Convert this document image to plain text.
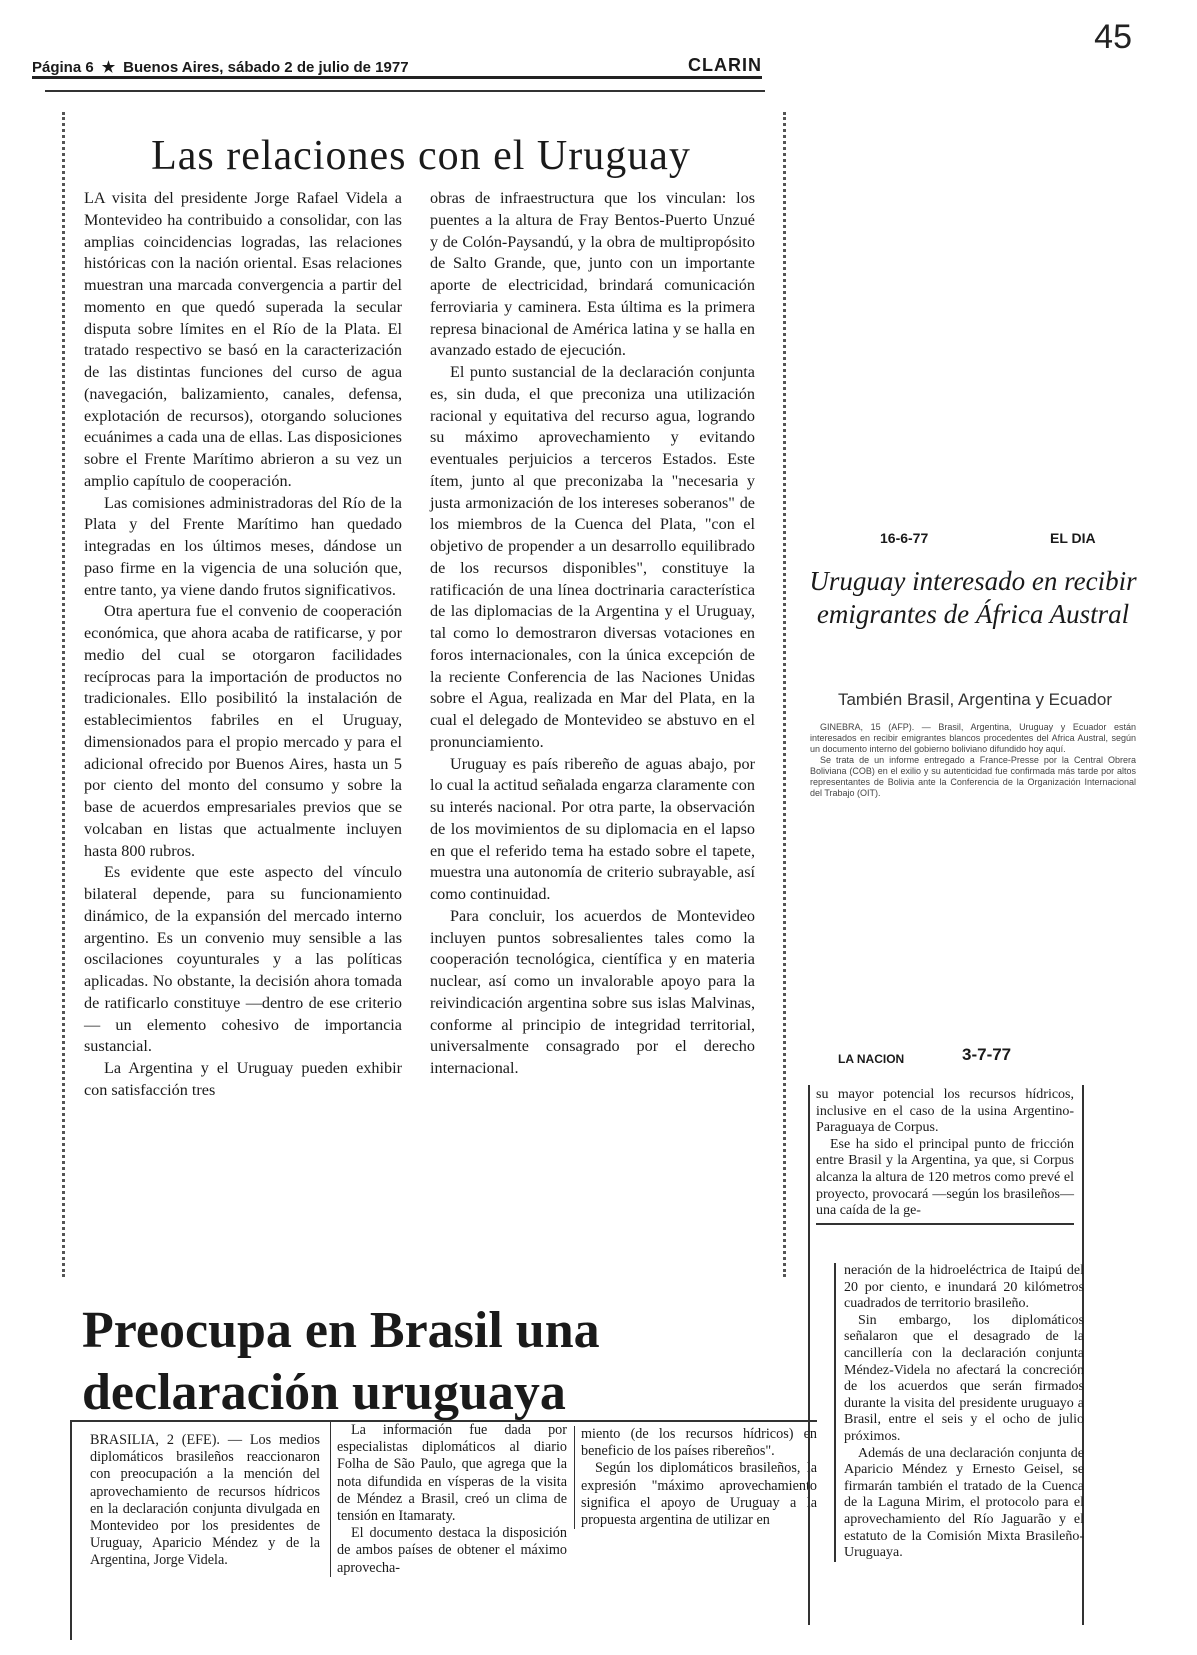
45
Página 6 ★ Buenos Aires, sábado 2 de julio de 1977	CLARIN
Las relaciones con el Uruguay

LA visita del presidente Jorge Rafael Videla a Montevideo ha contribuido a consolidar, con las amplias coincidencias logradas, las relaciones históricas con la nación oriental. Esas relaciones muestran una marcada convergencia a partir del momento en que quedó superada la secular disputa sobre límites en el Río de la Plata. El tratado respectivo se basó en la caracterización de las distintas funciones del curso de agua (navegación, balizamiento, canales, defensa, explotación de recursos), otorgando soluciones ecuánimes a cada una de ellas. Las disposiciones sobre el Frente Marítimo abrieron a su vez un amplio capítulo de cooperación.

Las comisiones administradoras del Río de la Plata y del Frente Marítimo han quedado integradas en los últimos meses, dándose un paso firme en la vigencia de una solución que, entre tanto, ya viene dando frutos significativos.

Otra apertura fue el convenio de cooperación económica, que ahora acaba de ratificarse, y por medio del cual se otorgaron facilidades recíprocas para la importación de productos no tradicionales. Ello posibilitó la instalación de establecimientos fabriles en el Uruguay, dimensionados para el propio mercado y para el adicional ofrecido por Buenos Aires, hasta un 5 por ciento del monto del consumo y sobre la base de acuerdos empresariales previos que se volcaban en listas que actualmente incluyen hasta 800 rubros.

Es evidente que este aspecto del vínculo bilateral depende, para su funcionamiento dinámico, de la expansión del mercado interno argentino. Es un convenio muy sensible a las oscilaciones coyunturales y a las políticas aplicadas. No obstante, la decisión ahora tomada de ratificarlo constituye —dentro de ese criterio— un elemento cohesivo de importancia sustancial.

La Argentina y el Uruguay pueden exhibir con satisfacción tres

obras de infraestructura que los vinculan: los puentes a la altura de Fray Bentos-Puerto Unzué y de Colón-Paysandú, y la obra de multipropósito de Salto Grande, que, junto con un importante aporte de electricidad, brindará comunicación ferroviaria y caminera. Esta última es la primera represa binacional de América latina y se halla en avanzado estado de ejecución.

El punto sustancial de la declaración conjunta es, sin duda, el que preconiza una utilización racional y equitativa del recurso agua, logrando su máximo aprovechamiento y evitando eventuales perjuicios a terceros Estados. Este ítem, junto al que preconizaba la "necesaria y justa armonización de los intereses soberanos" de los miembros de la Cuenca del Plata, "con el objetivo de propender a un desarrollo equilibrado de los recursos disponibles", constituye la ratificación de una línea doctrinaria característica de las diplomacias de la Argentina y el Uruguay, tal como lo demostraron diversas votaciones en foros internacionales, con la única excepción de la reciente Conferencia de las Naciones Unidas sobre el Agua, realizada en Mar del Plata, en la cual el delegado de Montevideo se abstuvo en el pronunciamiento.

Uruguay es país ribereño de aguas abajo, por lo cual la actitud señalada engarza claramente con su interés nacional. Por otra parte, la observación de los movimientos de su diplomacia en el lapso en que el referido tema ha estado sobre el tapete, muestra una autonomía de criterio subrayable, así como continuidad.

Para concluir, los acuerdos de Montevideo incluyen puntos sobresalientes tales como la cooperación tecnológica, científica y en materia nuclear, así como un invalorable apoyo para la reivindicación argentina sobre sus islas Malvinas, conforme al principio de integridad territorial, universalmente consagrado por el derecho internacional.

Preocupa en Brasil una declaración uruguaya

BRASILIA, 2 (EFE). — Los medios diplomáticos brasileños reaccionaron con preocupación a la mención del aprovechamiento de recursos hídricos en la declaración conjunta divulgada en Montevideo por los presidentes de Uruguay, Aparicio Méndez y de la Argentina, Jorge Videla.

La información fue dada por especialistas diplomáticos al diario Folha de São Paulo, que agrega que la nota difundida en vísperas de la visita de Méndez a Brasil, creó un clima de tensión en Itamaraty.

El documento destaca la disposición de ambos países de obtener el máximo aprovecha-

miento (de los recursos hídricos) en beneficio de los países ribereños".

Según los diplomáticos brasileños, la expresión "máximo aprovechamiento significa el apoyo de Uruguay a la propuesta argentina de utilizar en

16-6-77	EL DIA
Uruguay interesado en recibir emigrantes de África Austral
También Brasil, Argentina y Ecuador

GINEBRA, 15 (AFP). — Brasil, Argentina, Uruguay y Ecuador están interesados en recibir emigrantes blancos procedentes del Africa Austral, según un documento interno del gobierno boliviano difundido hoy aquí.

Se trata de un informe entregado a France-Presse por la Central Obrera Boliviana (COB) en el exilio y su autenticidad fue confirmada más tarde por altos representantes de Bolivia ante la Conferencia de la Organización Internacional del Trabajo (OIT).

LA NACION	3-7-77

su mayor potencial los recursos hídricos, inclusive en el caso de la usina Argentino-Paraguaya de Corpus.

Ese ha sido el principal punto de fricción entre Brasil y la Argentina, ya que, si Corpus alcanza la altura de 120 metros como prevé el proyecto, provocará —según los brasileños— una caída de la ge-

neración de la hidroeléctrica de Itaipú del 20 por ciento, e inundará 20 kilómetros cuadrados de territorio brasileño.

Sin embargo, los diplomáticos señalaron que el desagrado de la cancillería con la declaración conjunta Méndez-Videla no afectará la concreción de los acuerdos que serán firmados durante la visita del presidente uruguayo a Brasil, entre el seis y el ocho de julio próximos.

Además de una declaración conjunta de Aparicio Méndez y Ernesto Geisel, se firmarán también el tratado de la Cuenca de la Laguna Mirim, el protocolo para el aprovechamiento del Río Jaguarão y el estatuto de la Comisión Mixta Brasileño-Uruguaya.
